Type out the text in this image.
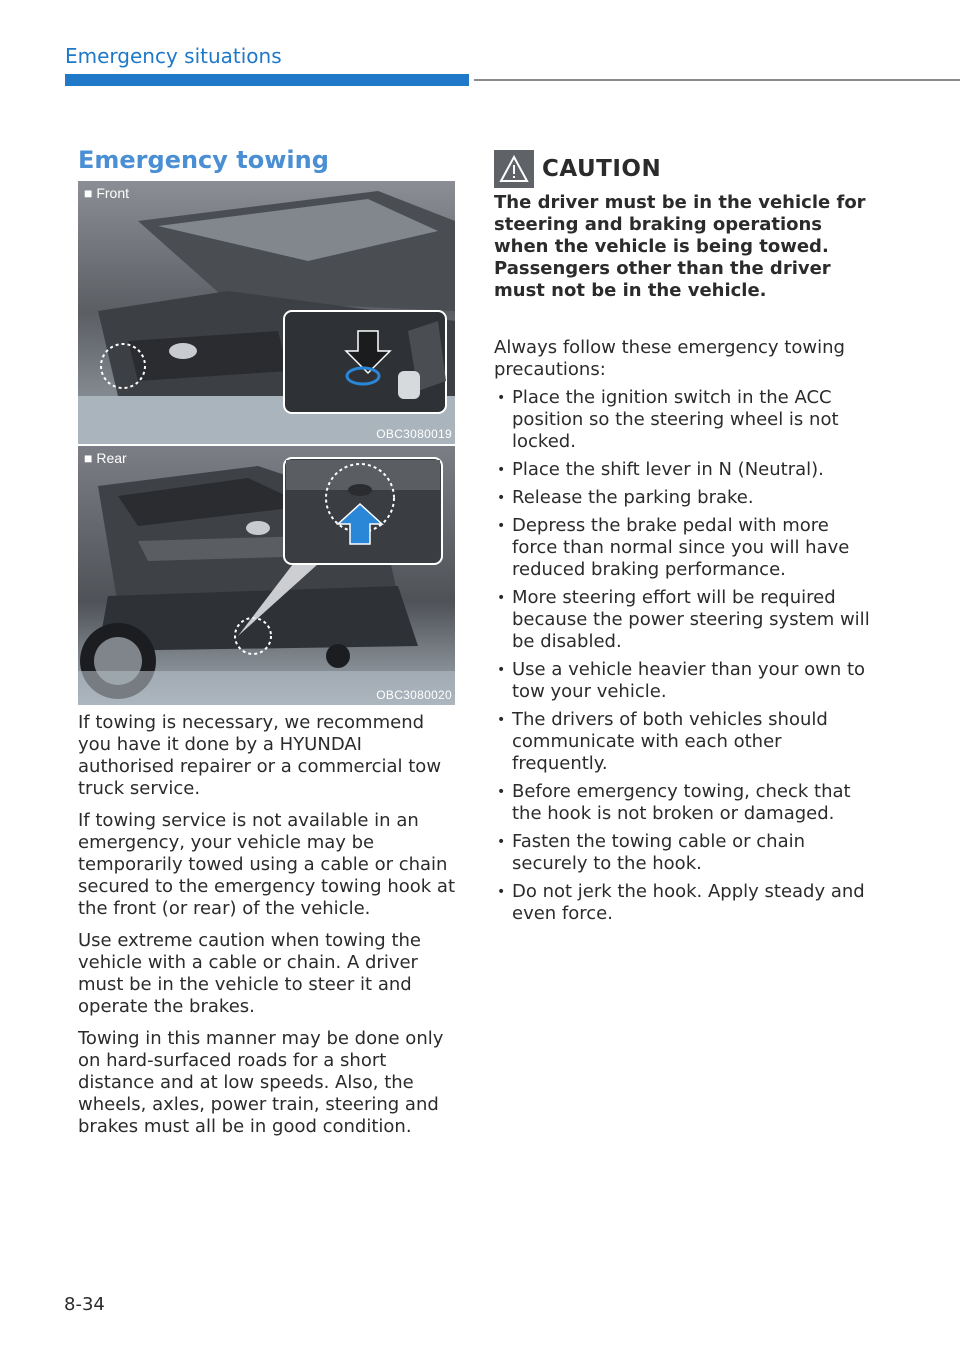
Emergency situations
Emergency towing
■ Front
OBC3080019
■ Rear
OBC3080020

If towing is necessary, we recommend you have it done by a HYUNDAI authorised repairer or a commercial tow truck service.

If towing service is not available in an emergency, your vehicle may be temporarily towed using a cable or chain secured to the emergency towing hook at the front (or rear) of the vehicle.

Use extreme caution when towing the vehicle with a cable or chain. A driver must be in the vehicle to steer it and operate the brakes.

Towing in this manner may be done only on hard-surfaced roads for a short distance and at low speeds. Also, the wheels, axles, power train, steering and brakes must all be in good condition.

CAUTION
The driver must be in the vehicle for steering and braking operations when the vehicle is being towed. Passengers other than the driver must not be in the vehicle.
Always follow these emergency towing precautions:
• Place the ignition switch in the ACC position so the steering wheel is not locked.
• Place the shift lever in N (Neutral).
• Release the parking brake.
• Depress the brake pedal with more force than normal since you will have reduced braking performance.
• More steering effort will be required because the power steering system will be disabled.
• Use a vehicle heavier than your own to tow your vehicle.
• The drivers of both vehicles should communicate with each other frequently.
• Before emergency towing, check that the hook is not broken or damaged.
• Fasten the towing cable or chain securely to the hook.
• Do not jerk the hook. Apply steady and even force.
8-34
